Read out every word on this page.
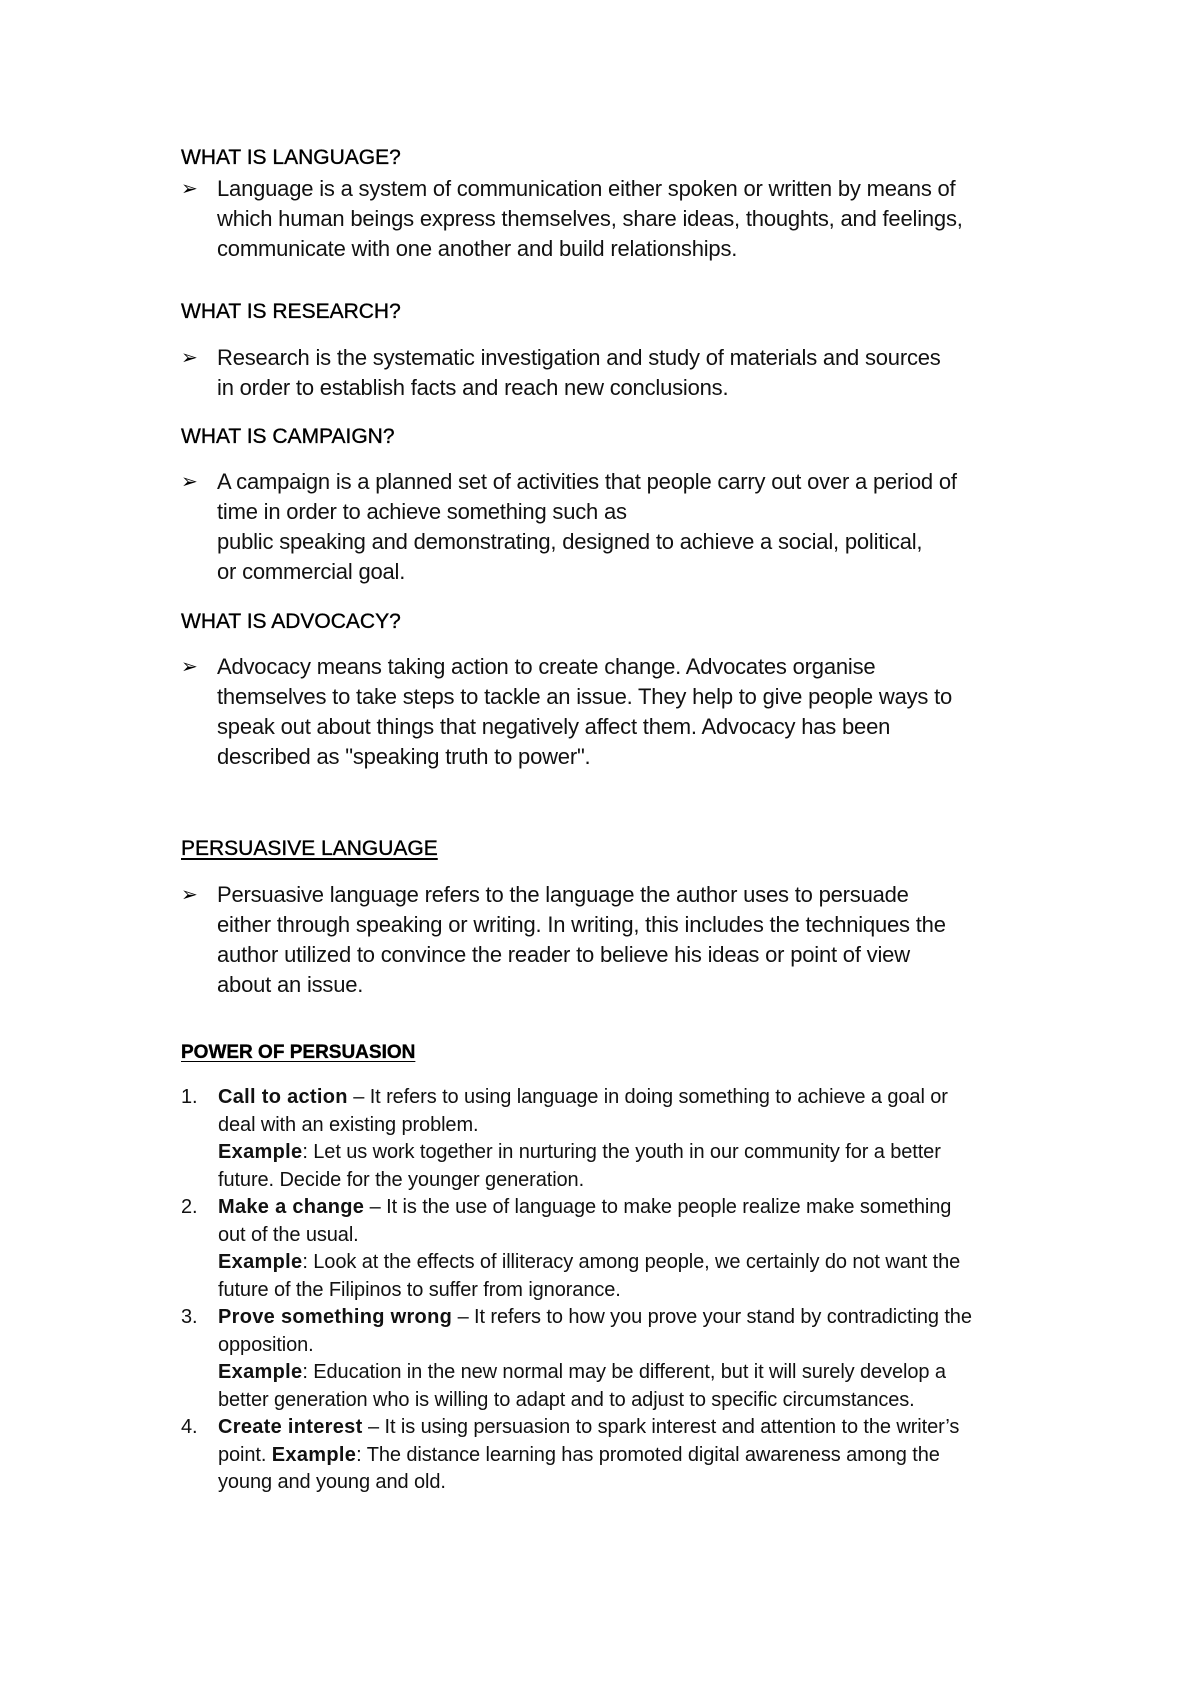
WHAT IS LANGUAGE?
➢ Language is a system of communication either spoken or written by means of
which human beings express themselves, share ideas, thoughts, and feelings,
communicate with one another and build relationships.
WHAT IS RESEARCH?
➢ Research is the systematic investigation and study of materials and sources
in order to establish facts and reach new conclusions.
WHAT IS CAMPAIGN?
➢ A campaign is a planned set of activities that people carry out over a period of
time in order to achieve something such as
public speaking and demonstrating, designed to achieve a social, political,
or commercial goal.
WHAT IS ADVOCACY?
➢ Advocacy means taking action to create change. Advocates organise
themselves to take steps to tackle an issue. They help to give people ways to
speak out about things that negatively affect them. Advocacy has been
described as "speaking truth to power".
PERSUASIVE LANGUAGE
➢ Persuasive language refers to the language the author uses to persuade
either through speaking or writing. In writing, this includes the techniques the
author utilized to convince the reader to believe his ideas or point of view
about an issue.
POWER OF PERSUASION
1.	Call to action – It refers to using language in doing something to achieve a goal or
deal with an existing problem.
Example: Let us work together in nurturing the youth in our community for a better
future. Decide for the younger generation.
2.	Make a change – It is the use of language to make people realize make something
out of the usual.
Example: Look at the effects of illiteracy among people, we certainly do not want the
future of the Filipinos to suffer from ignorance.
3.	Prove something wrong – It refers to how you prove your stand by contradicting the
opposition.
Example: Education in the new normal may be different, but it will surely develop a
better generation who is willing to adapt and to adjust to specific circumstances.
4.	Create interest – It is using persuasion to spark interest and attention to the writer’s
point. Example: The distance learning has promoted digital awareness among the
young and young and old.
